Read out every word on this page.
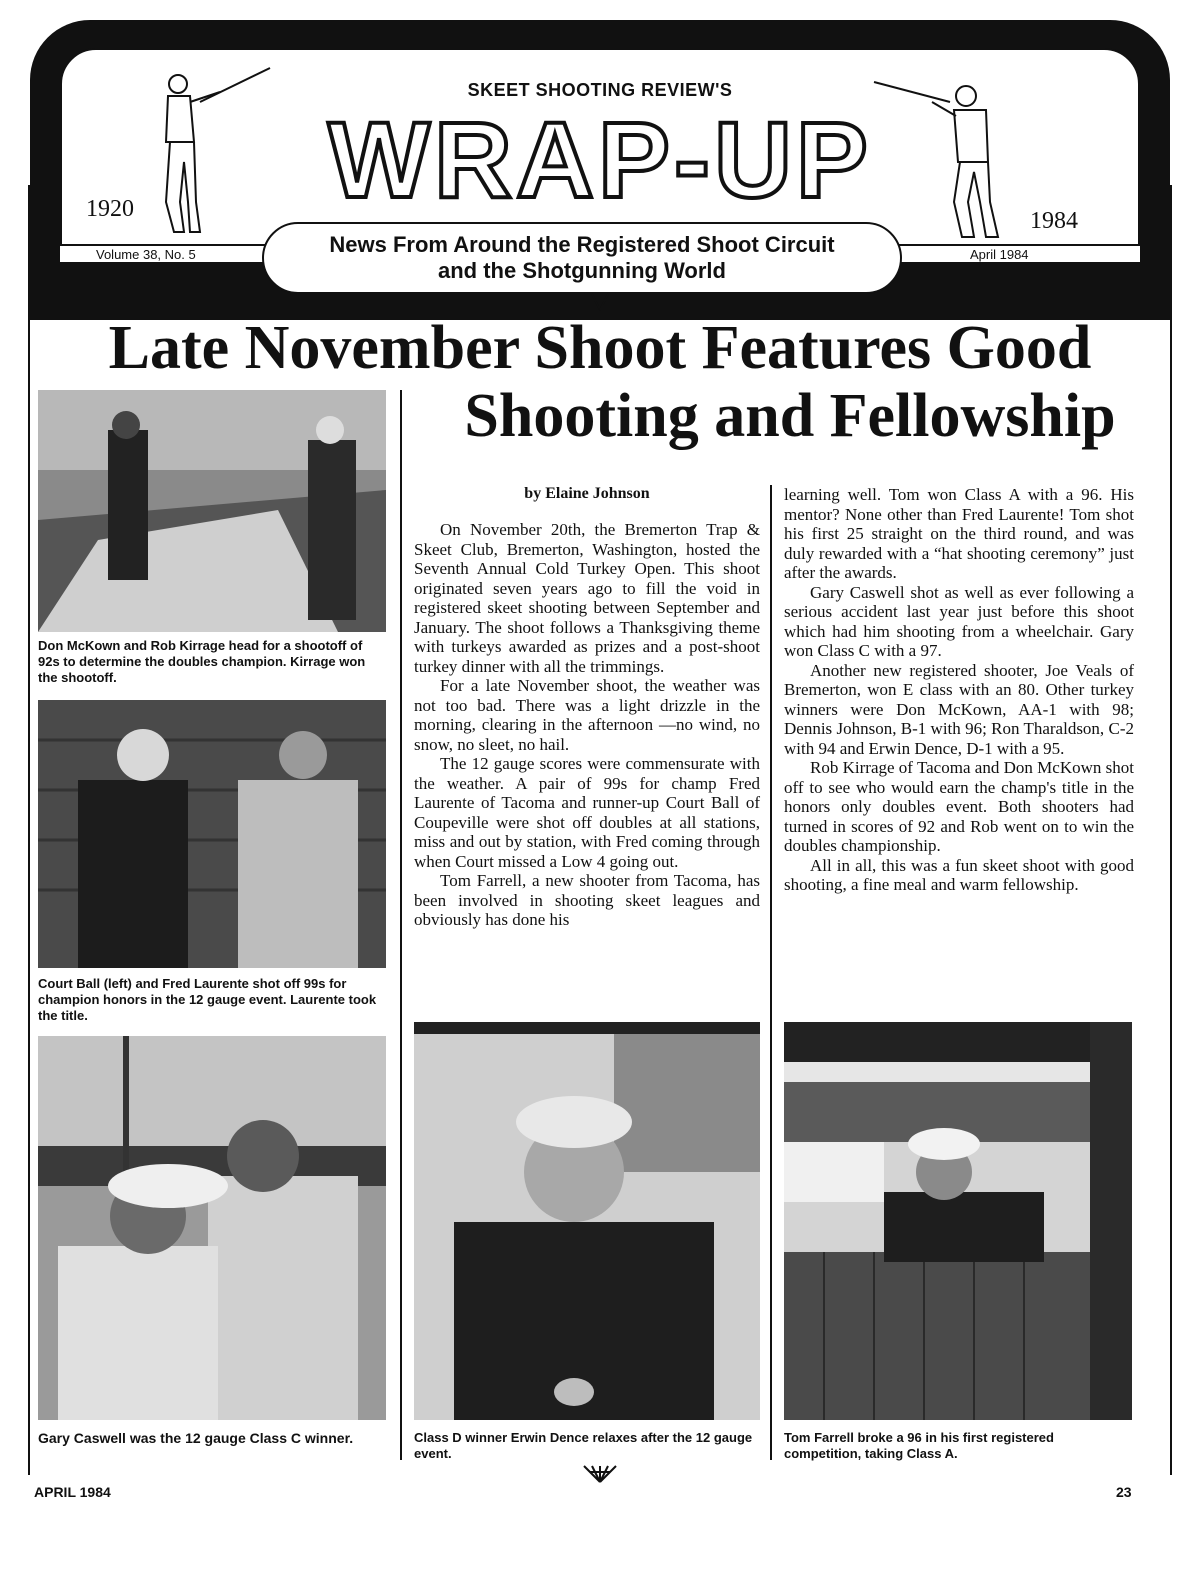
SKEET SHOOTING REVIEW'S
WRAP-UP
1920	1984
Volume 38, No. 5	April 1984
News From Around the Registered Shoot Circuit
and the Shotgunning World
Late November Shoot Features Good
Shooting and Fellowship
Don McKown and Rob Kirrage head for a shootoff of 92s to determine the doubles champion. Kirrage won the shootoff.
Court Ball (left) and Fred Laurente shot off 99s for champion honors in the 12 gauge event. Laurente took the title.
by Elaine Johnson

On November 20th, the Bremerton Trap & Skeet Club, Bremerton, Washington, hosted the Seventh Annual Cold Turkey Open. This shoot originated seven years ago to fill the void in registered skeet shooting between September and January. The shoot follows a Thanksgiving theme with turkeys awarded as prizes and a post-shoot turkey dinner with all the trimmings.

For a late November shoot, the weather was not too bad. There was a light drizzle in the morning, clearing in the afternoon —no wind, no snow, no sleet, no hail.

The 12 gauge scores were commensurate with the weather. A pair of 99s for champ Fred Laurente of Tacoma and runner-up Court Ball of Coupeville were shot off doubles at all stations, miss and out by station, with Fred coming through when Court missed a Low 4 going out.

Tom Farrell, a new shooter from Tacoma, has been involved in shooting skeet leagues and obviously has done his

learning well. Tom won Class A with a 96. His mentor? None other than Fred Laurente! Tom shot his first 25 straight on the third round, and was duly rewarded with a “hat shooting ceremony” just after the awards.

Gary Caswell shot as well as ever following a serious accident last year just before this shoot which had him shooting from a wheelchair. Gary won Class C with a 97.

Another new registered shooter, Joe Veals of Bremerton, won E class with an 80. Other turkey winners were Don McKown, AA-1 with 98; Dennis Johnson, B-1 with 96; Ron Tharaldson, C-2 with 94 and Erwin Dence, D-1 with a 95.

Rob Kirrage of Tacoma and Don McKown shot off to see who would earn the champ's title in the honors only doubles event. Both shooters had turned in scores of 92 and Rob went on to win the doubles championship.

All in all, this was a fun skeet shoot with good shooting, a fine meal and warm fellowship.

Gary Caswell was the 12 gauge Class C winner.	Class D winner Erwin Dence relaxes after the 12 gauge event.
Tom Farrell broke a 96 in his first registered competition, taking Class A.
APRIL 1984	23
